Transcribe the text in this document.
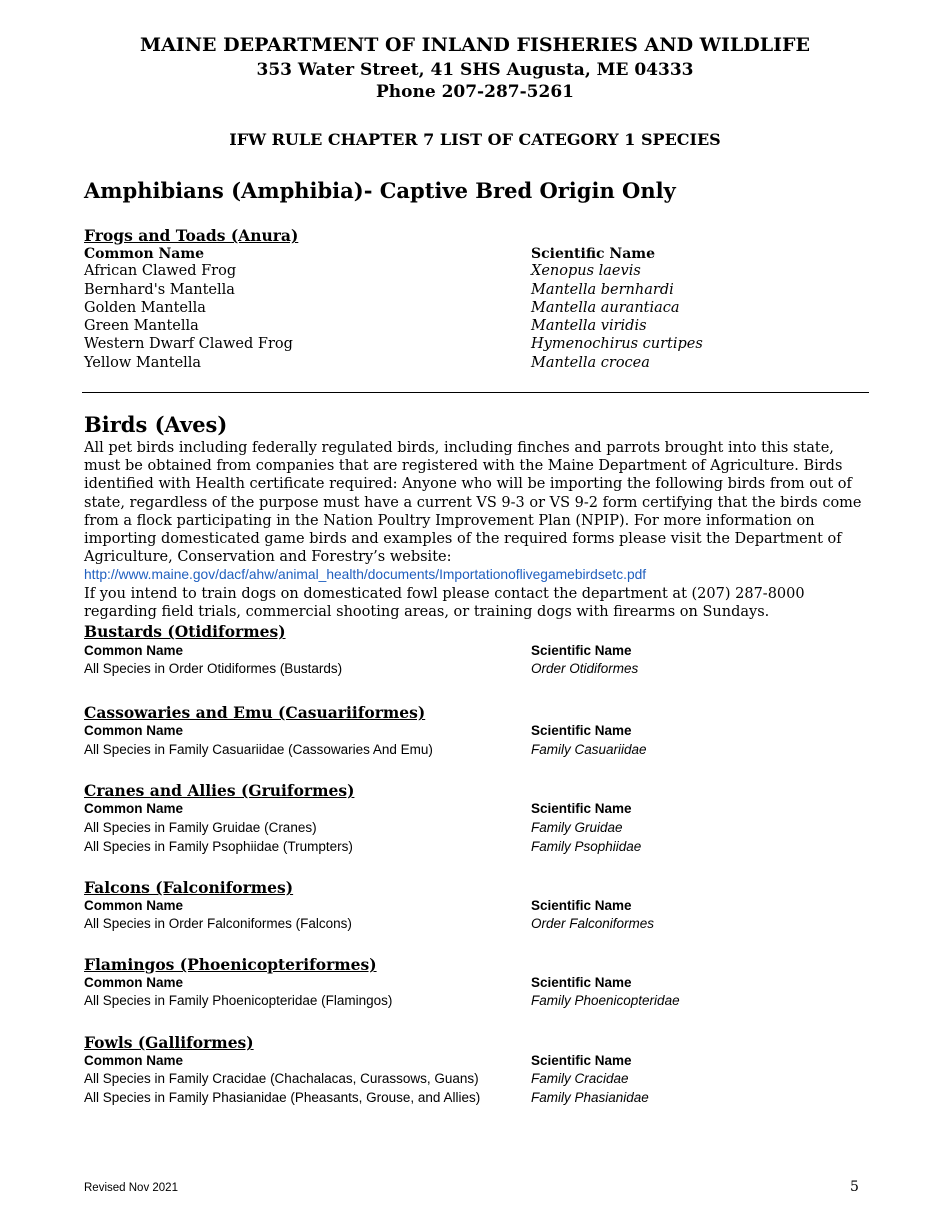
MAINE DEPARTMENT OF INLAND FISHERIES AND WILDLIFE
353 Water Street, 41 SHS Augusta, ME 04333
Phone 207-287-5261
IFW RULE CHAPTER 7 LIST OF CATEGORY 1 SPECIES
Amphibians (Amphibia)- Captive Bred Origin Only
Frogs and Toads (Anura)
Common Name	Scientific Name
African Clawed Frog	Xenopus laevis
Bernhard's Mantella	Mantella bernhardi
Golden Mantella	Mantella aurantiaca
Green Mantella	Mantella viridis
Western Dwarf Clawed Frog	Hymenochirus curtipes
Yellow Mantella	Mantella crocea
Birds (Aves)
All pet birds including federally regulated birds, including finches and parrots brought into this state, must be obtained from companies that are registered with the Maine Department of Agriculture. Birds identified with Health certificate required: Anyone who will be importing the following birds from out of state, regardless of the purpose must have a current VS 9-3 or VS 9-2 form certifying that the birds come from a flock participating in the Nation Poultry Improvement Plan (NPIP). For more information on importing domesticated game birds and examples of the required forms please visit the Department of Agriculture, Conservation and Forestry’s website:
http://www.maine.gov/dacf/ahw/animal_health/documents/Importationoflivegamebirdsetc.pdf
If you intend to train dogs on domesticated fowl please contact the department at (207) 287-8000 regarding field trials, commercial shooting areas, or training dogs with firearms on Sundays.
Bustards (Otidiformes)
Common Name	Scientific Name
All Species in Order Otidiformes (Bustards)	Order Otidiformes
Cassowaries and Emu (Casuariiformes)
Common Name	Scientific Name
All Species in Family Casuariidae (Cassowaries And Emu)	Family Casuariidae
Cranes and Allies (Gruiformes)
Common Name	Scientific Name
All Species in Family Gruidae (Cranes)	Family Gruidae
All Species in Family Psophiidae (Trumpters)	Family Psophiidae
Falcons (Falconiformes)
Common Name	Scientific Name
All Species in Order Falconiformes (Falcons)	Order Falconiformes
Flamingos (Phoenicopteriformes)
Common Name	Scientific Name
All Species in Family Phoenicopteridae (Flamingos)	Family Phoenicopteridae
Fowls (Galliformes)
Common Name	Scientific Name
All Species in Family Cracidae (Chachalacas, Curassows, Guans)	Family Cracidae
All Species in Family Phasianidae (Pheasants, Grouse, and Allies)	Family Phasianidae
Revised Nov 2021	5
